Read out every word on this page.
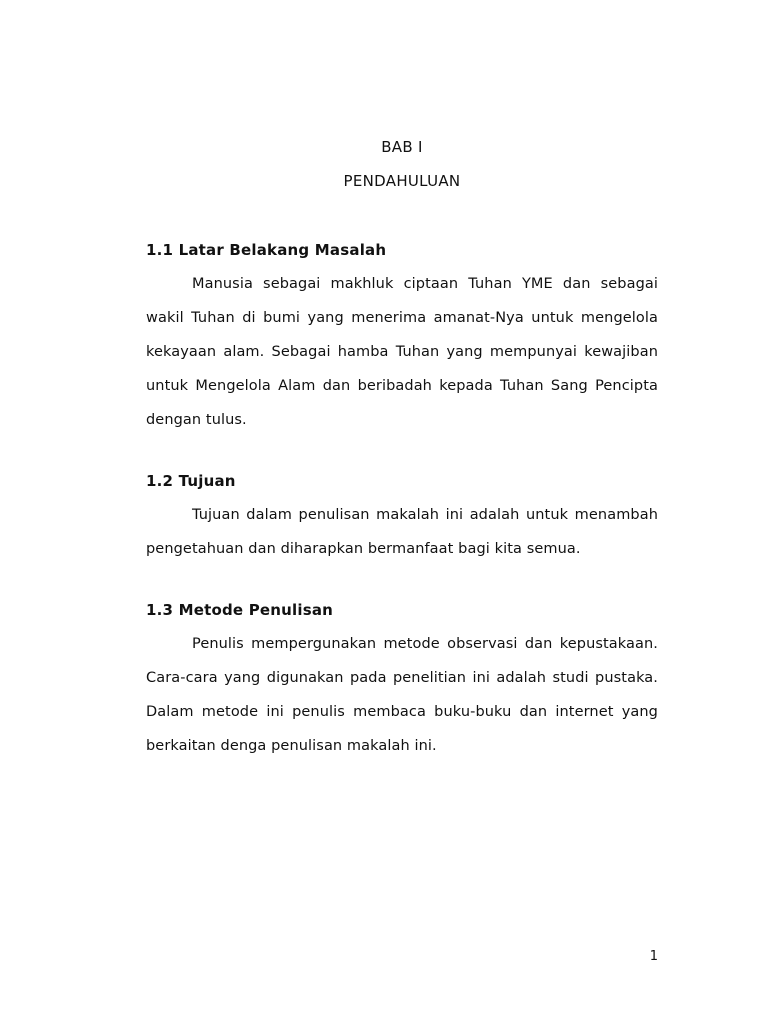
BAB I

PENDAHULUAN

1.1 Latar Belakang Masalah

Manusia sebagai makhluk ciptaan Tuhan YME dan sebagai wakil Tuhan di bumi yang menerima amanat-Nya untuk mengelola kekayaan alam. Sebagai hamba Tuhan yang mempunyai kewajiban untuk Mengelola Alam dan beribadah kepada Tuhan Sang Pencipta dengan tulus.

1.2 Tujuan

Tujuan dalam penulisan makalah ini adalah untuk menambah pengetahuan dan diharapkan bermanfaat bagi kita semua.

1.3 Metode Penulisan

Penulis mempergunakan metode observasi dan kepustakaan. Cara-cara yang digunakan pada penelitian ini adalah studi pustaka. Dalam metode ini penulis membaca buku-buku dan internet yang berkaitan denga penulisan makalah ini.

1
